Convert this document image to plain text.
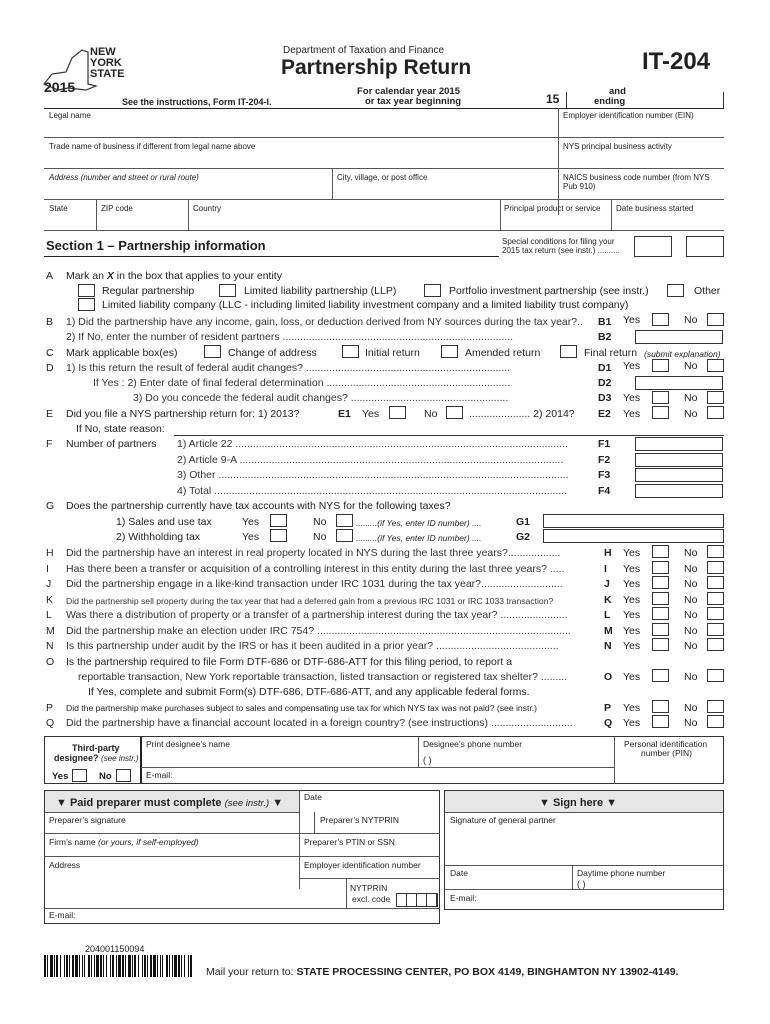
NEW
YORK
STATE
2015
Department of Taxation and Finance
Partnership Return	IT-204
See the instructions, Form IT-204-I.
For calendar year 2015
or tax year beginning	15
and
ending
Legal name	Employer identification number (EIN)
Trade name of business if different from legal name above	NYS principal business activity
Address (number and street or rural route)	City, village, or post office	NAICS business code number (from NYS Pub 910)
State	ZIP code	Country	Principal product or service Date business started
Section 1 – Partnership information	Special conditions for filing your
2015 tax return (see instr.) ..........
A Mark an X in the box that applies to your entity
Regular partnership	Limited liability partnership (LLP)	Portfolio investment partnership (see instr.)	Other
Limited liability company (LLC - including limited liability investment company and a limited liability trust company)
B 1) Did the partnership have any income, gain, loss, or deduction derived from NY sources during the tax year?..	B1 Yes	No
2) If No, enter the number of resident partners ...............................................................................	B2
C Mark applicable box(es)	Change of address	Initial return	Amended return	Final return (submit explanation)
D 1) Is this return the result of federal audit changes? ......................................................................	D1 Yes	No
If Yes : 2) Enter date of final federal determination ...............................................................	D2
3) Do you concede the federal audit changes? ......................................................	D3 Yes	No
E Did you file a NYS partnership return for: 1) 2013?	E1 Yes	No	..................... 2) 2014? E2 Yes	No
If No, state reason:
F Number of partners 1) Article 22 ..................................................................................................................	F1
2) Article 9-A ...............................................................................................................	F2
3) Other ........................................................................................................................	F3
4) Total .........................................................................................................................	F4
G Does the partnership currently have tax accounts with NYS for the following taxes?
1) Sales and use tax	Yes	No	.........(if Yes, enter ID number) ....	G1
2) Withholding tax	Yes	No	.........(if Yes, enter ID number) ....	G2
H Did the partnership have an interest in real property located in NYS during the last three years?..................	H Yes	No
I Has there been a transfer or acquisition of a controlling interest in this entity during the last three years? .....	I Yes	No
J Did the partnership engage in a like-kind transaction under IRC 1031 during the tax year?............................	J Yes	No
K Did the partnership sell property during the tax year that had a deferred gain from a previous IRC 1031 or IRC 1033 transaction?	K Yes	No
L Was there a distribution of property or a transfer of a partnership interest during the tax year? .......................	L Yes	No
M Did the partnership make an election under IRC 754? .......................................................................................	M Yes	No
N Is this partnership under audit by the IRS or has it been audited in a prior year? ..........................................	N Yes	No
O Is the partnership required to file Form DTF-686 or DTF-686-ATT for this filing period, to report a
reportable transaction, New York reportable transaction, listed transaction or registered tax shelter? .........	O Yes	No
If Yes, complete and submit Form(s) DTF-686, DTF-686-ATT, and any applicable federal forms.
P Did the partnership make purchases subject to sales and compensating use tax for which NYS tax was not paid? (see instr.)	P Yes	No
Q Did the partnership have a financial account located in a foreign country? (see instructions) ............................	Q Yes	No
Third-party
designee? (see instr.)
Yes	No
Print designee’s name	Designee’s phone number
( )
Personal identification
number (PIN)
E-mail:
▼ Paid preparer must complete (see instr.) ▼ Date
Preparer’s signature	Preparer’s NYTPRIN
Firm’s name (or yours, if self-employed)	Preparer’s PTIN or SSN
Address	Employer identification number
NYTPRIN
excl. code
E-mail:
▼ Sign here ▼
Signature of general partner
Date	Daytime phone number
( )
E-mail:
204001150094
Mail your return to: STATE PROCESSING CENTER, PO BOX 4149, BINGHAMTON NY 13902-4149.
